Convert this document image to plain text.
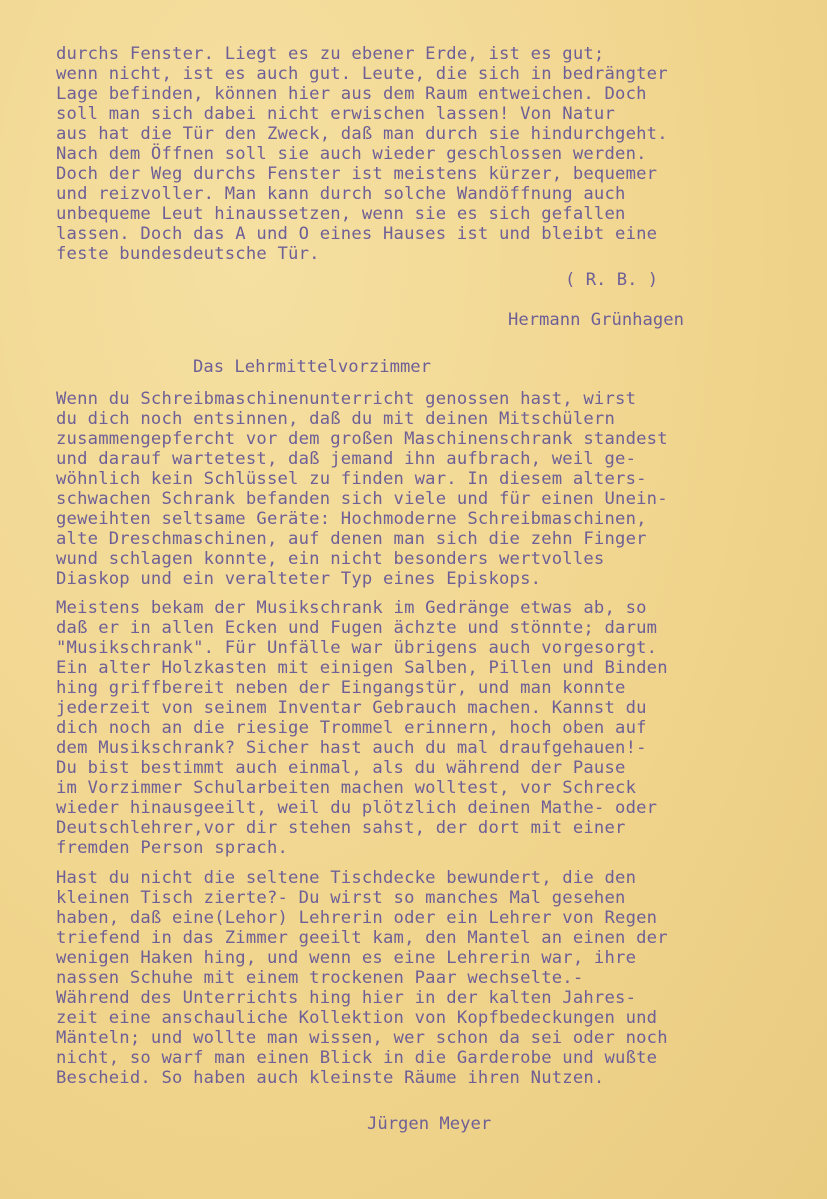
durchs Fenster. Liegt es zu ebener Erde, ist es gut;
wenn nicht, ist es auch gut. Leute, die sich in bedrängter
Lage befinden, können hier aus dem Raum entweichen. Doch
soll man sich dabei nicht erwischen lassen! Von Natur
aus hat die Tür den Zweck, daß man durch sie hindurchgeht.
Nach dem Öffnen soll sie auch wieder geschlossen werden.
Doch der Weg durchs Fenster ist meistens kürzer, bequemer
und reizvoller. Man kann durch solche Wandöffnung auch
unbequeme Leut hinaussetzen, wenn sie es sich gefallen
lassen. Doch das A und O eines Hauses ist und bleibt eine
feste bundesdeutsche Tür.
( R. B. )
Hermann Grünhagen
Das Lehrmittelvorzimmer
Wenn du Schreibmaschinenunterricht genossen hast, wirst
du dich noch entsinnen, daß du mit deinen Mitschülern
zusammengepfercht vor dem großen Maschinenschrank standest
und darauf wartetest, daß jemand ihn aufbrach, weil ge-
wöhnlich kein Schlüssel zu finden war. In diesem alters-
schwachen Schrank befanden sich viele und für einen Unein-
geweihten seltsame Geräte: Hochmoderne Schreibmaschinen,
alte Dreschmaschinen, auf denen man sich die zehn Finger
wund schlagen konnte, ein nicht besonders wertvolles
Diaskop und ein veralteter Typ eines Episkops.
Meistens bekam der Musikschrank im Gedränge etwas ab, so
daß er in allen Ecken und Fugen ächzte und stönnte; darum
"Musikschrank". Für Unfälle war übrigens auch vorgesorgt.
Ein alter Holzkasten mit einigen Salben, Pillen und Binden
hing griffbereit neben der Eingangstür, und man konnte
jederzeit von seinem Inventar Gebrauch machen. Kannst du
dich noch an die riesige Trommel erinnern, hoch oben auf
dem Musikschrank? Sicher hast auch du mal draufgehauen!-
Du bist bestimmt auch einmal, als du während der Pause
im Vorzimmer Schularbeiten machen wolltest, vor Schreck
wieder hinausgeeilt, weil du plötzlich deinen Mathe- oder
Deutschlehrer,vor dir stehen sahst, der dort mit einer
fremden Person sprach.
Hast du nicht die seltene Tischdecke bewundert, die den
kleinen Tisch zierte?- Du wirst so manches Mal gesehen
haben, daß eine(Lehor) Lehrerin oder ein Lehrer von Regen
triefend in das Zimmer geeilt kam, den Mantel an einen der
wenigen Haken hing, und wenn es eine Lehrerin war, ihre
nassen Schuhe mit einem trockenen Paar wechselte.-
Während des Unterrichts hing hier in der kalten Jahres-
zeit eine anschauliche Kollektion von Kopfbedeckungen und
Mänteln; und wollte man wissen, wer schon da sei oder noch
nicht, so warf man einen Blick in die Garderobe und wußte
Bescheid. So haben auch kleinste Räume ihren Nutzen.
Jürgen Meyer
